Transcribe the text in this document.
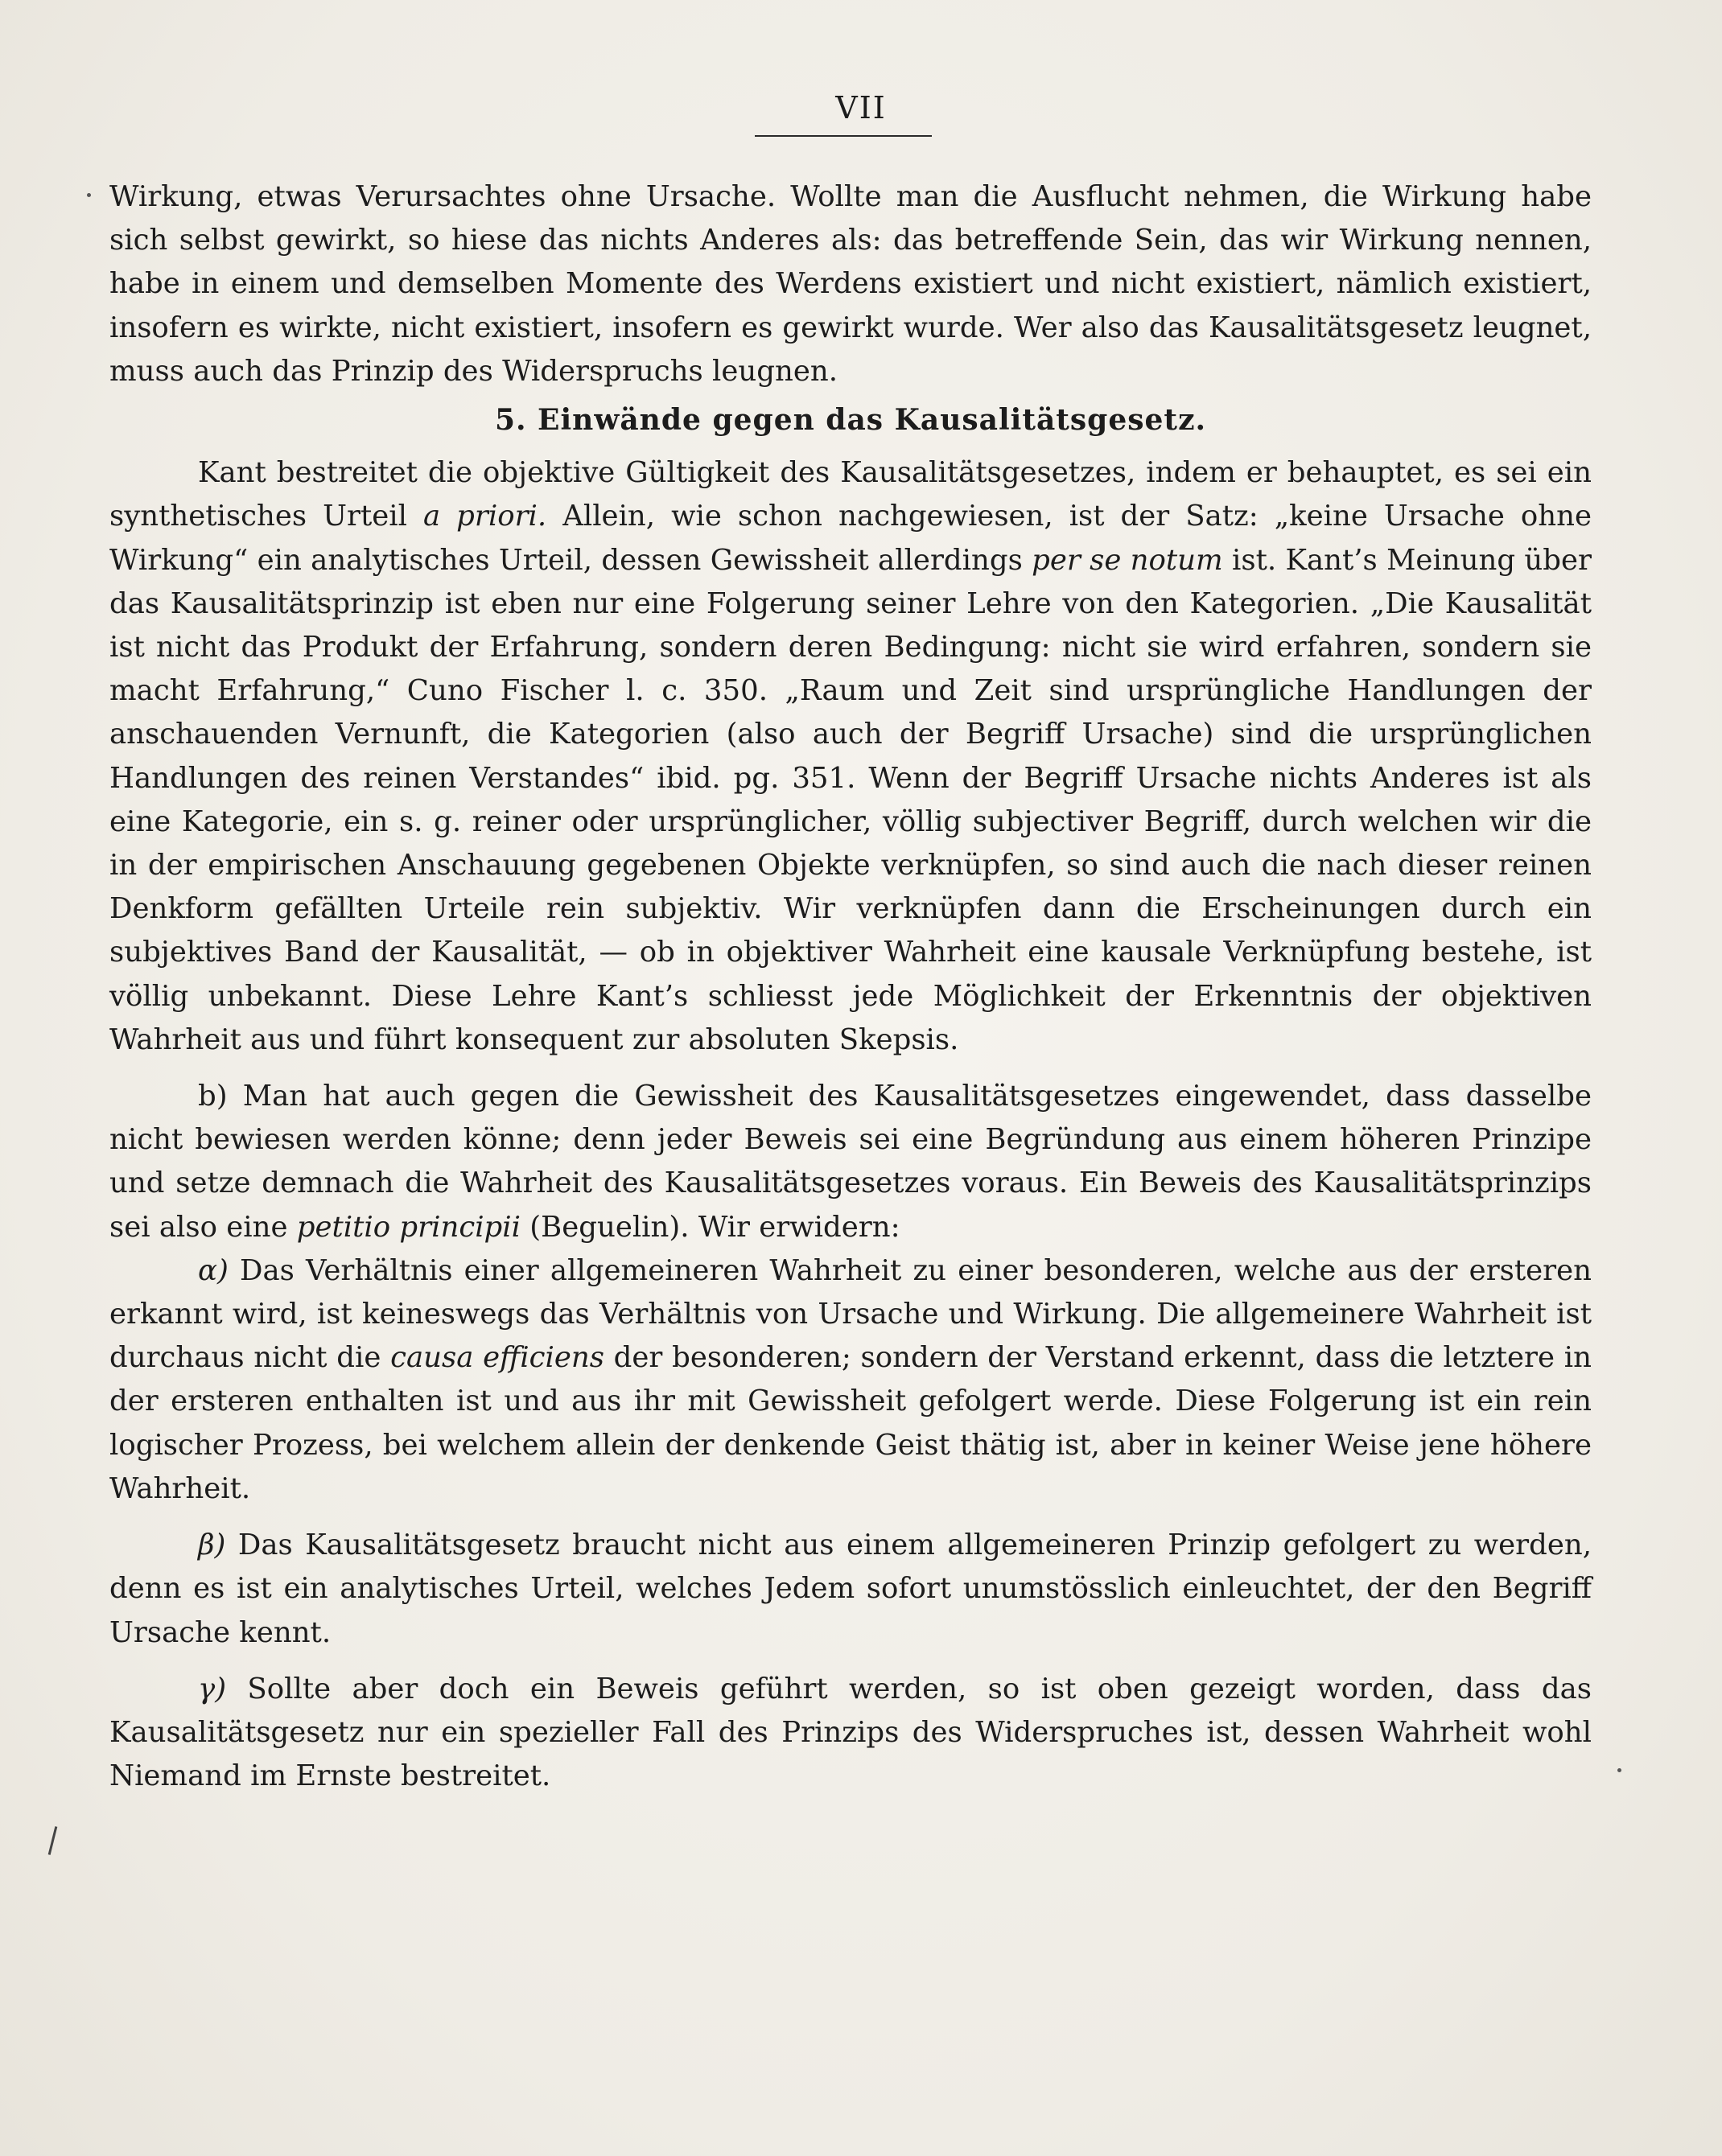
VII

Wirkung, etwas Verursachtes ohne Ursache. Wollte man die Ausflucht nehmen, die Wirkung habe sich selbst gewirkt, so hiese das nichts Anderes als: das betreffende Sein, das wir Wirkung nennen, habe in einem und demselben Momente des Werdens existiert und nicht existiert, nämlich existiert, insofern es wirkte, nicht existiert, insofern es gewirkt wurde. Wer also das Kausalitätsgesetz leugnet, muss auch das Prinzip des Widerspruchs leugnen.

5. Einwände gegen das Kausalitätsgesetz.

Kant bestreitet die objektive Gültigkeit des Kausalitätsgesetzes, indem er behauptet, es sei ein synthetisches Urteil a priori. Allein, wie schon nachgewiesen, ist der Satz: „keine Ursache ohne Wirkung“ ein analytisches Urteil, dessen Gewissheit allerdings per se notum ist. Kant’s Meinung über das Kausalitätsprinzip ist eben nur eine Folgerung seiner Lehre von den Kategorien. „Die Kausalität ist nicht das Produkt der Erfahrung, sondern deren Bedingung: nicht sie wird erfahren, sondern sie macht Erfahrung,“ Cuno Fischer l. c. 350. „Raum und Zeit sind ursprüngliche Handlungen der anschauenden Vernunft, die Kategorien (also auch der Begriff Ursache) sind die ursprünglichen Handlungen des reinen Verstandes“ ibid. pg. 351. Wenn der Begriff Ursache nichts Anderes ist als eine Kategorie, ein s. g. reiner oder ursprünglicher, völlig subjectiver Begriff, durch welchen wir die in der empirischen Anschauung gegebenen Objekte verknüpfen, so sind auch die nach dieser reinen Denkform gefällten Urteile rein subjektiv. Wir verknüpfen dann die Erscheinungen durch ein subjektives Band der Kausalität, — ob in objektiver Wahrheit eine kausale Verknüpfung bestehe, ist völlig unbekannt. Diese Lehre Kant’s schliesst jede Möglichkeit der Erkenntnis der objektiven Wahrheit aus und führt konsequent zur absoluten Skepsis.

b) Man hat auch gegen die Gewissheit des Kausalitätsgesetzes eingewendet, dass dasselbe nicht bewiesen werden könne; denn jeder Beweis sei eine Begründung aus einem höheren Prinzipe und setze demnach die Wahrheit des Kausalitätsgesetzes voraus. Ein Beweis des Kausalitätsprinzips sei also eine petitio principii (Beguelin). Wir erwidern:

α) Das Verhältnis einer allgemeineren Wahrheit zu einer besonderen, welche aus der ersteren erkannt wird, ist keineswegs das Verhältnis von Ursache und Wirkung. Die allgemeinere Wahrheit ist durchaus nicht die causa efficiens der besonderen; sondern der Verstand erkennt, dass die letztere in der ersteren enthalten ist und aus ihr mit Gewissheit gefolgert werde. Diese Folgerung ist ein rein logischer Prozess, bei welchem allein der denkende Geist thätig ist, aber in keiner Weise jene höhere Wahrheit.

β) Das Kausalitätsgesetz braucht nicht aus einem allgemeineren Prinzip gefolgert zu werden, denn es ist ein analytisches Urteil, welches Jedem sofort unumstösslich einleuchtet, der den Begriff Ursache kennt.

γ) Sollte aber doch ein Beweis geführt werden, so ist oben gezeigt worden, dass das Kausalitätsgesetz nur ein spezieller Fall des Prinzips des Widerspruches ist, dessen Wahrheit wohl Niemand im Ernste bestreitet.
